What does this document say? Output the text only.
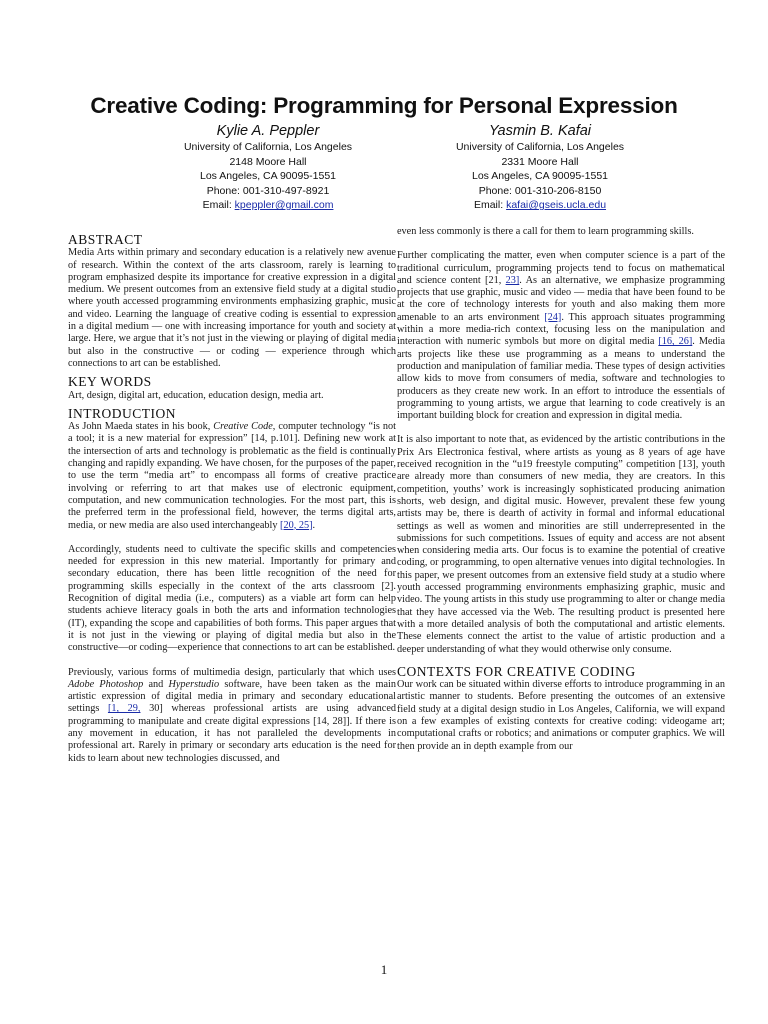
Creative Coding: Programming for Personal Expression
Kylie A. Peppler
University of California, Los Angeles
2148 Moore Hall
Los Angeles, CA 90095-1551
Phone: 001-310-497-8921
Email: kpeppler@gmail.com
Yasmin B. Kafai
University of California, Los Angeles
2331 Moore Hall
Los Angeles, CA 90095-1551
Phone: 001-310-206-8150
Email: kafai@gseis.ucla.edu
ABSTRACT

Media Arts within primary and secondary education is a relatively new avenue of research. Within the context of the arts classroom, rarely is learning to program emphasized despite its importance for creative expression in a digital medium. We present outcomes from an extensive field study at a digital studio where youth accessed programming environments emphasizing graphic, music and video. Learning the language of creative coding is essential to expression in a digital medium — one with increasing importance for youth and society at large. Here, we argue that it’s not just in the viewing or playing of digital media but also in the constructive — or coding — experience through which connections to art can be established.

KEY WORDS

Art, design, digital art, education, education design, media art.

INTRODUCTION

As John Maeda states in his book, Creative Code, computer technology “is not a tool; it is a new material for expression” [14, p.101]. Defining new work at the intersection of arts and technology is problematic as the field is continually changing and rapidly expanding. We have chosen, for the purposes of the paper, to use the term “media art” to encompass all forms of creative practice involving or referring to art that makes use of electronic equipment, computation, and new communication technologies. For the most part, this is the preferred term in the professional field, however, the terms digital arts, media, or new media are also used interchangeably [20, 25].

Accordingly, students need to cultivate the specific skills and competencies needed for expression in this new material. Importantly for primary and secondary education, there has been little recognition of the need for programming skills especially in the context of the arts classroom [2]. Recognition of digital media (i.e., computers) as a viable art form can help students achieve literacy goals in both the arts and information technologies (IT), expanding the scope and capabilities of both forms. This paper argues that it is not just in the viewing or playing of digital media but also in the constructive—or coding—experience that connections to art can be established.

Previously, various forms of multimedia design, particularly that which uses Adobe Photoshop and Hyperstudio software, have been taken as the main artistic expression of digital media in primary and secondary educational settings [1, 29, 30] whereas professional artists are using advanced programming to manipulate and create digital expressions [14, 28]]. If there is any movement in education, it has not paralleled the developments in professional art. Rarely in primary or secondary arts education is the need for kids to learn about new technologies discussed, and

even less commonly is there a call for them to learn programming skills.

Further complicating the matter, even when computer science is a part of the traditional curriculum, programming projects tend to focus on mathematical and science content [21, 23]. As an alternative, we emphasize programming projects that use graphic, music and video — media that have been found to be at the core of technology interests for youth and also making them more amenable to an arts environment [24]. This approach situates programming within a more media-rich context, focusing less on the manipulation and interaction with numeric symbols but more on digital media [16, 26]. Media arts projects like these use programming as a means to understand the production and manipulation of familiar media. These types of design activities allow kids to move from consumers of media, software and technologies to producers as they create new work. In an effort to introduce the essentials of programming to young artists, we argue that learning to code creatively is an important building block for creation and expression in digital media.

It is also important to note that, as evidenced by the artistic contributions in the Prix Ars Electronica festival, where artists as young as 8 years of age have received recognition in the “u19 freestyle computing” competition [13], youth are already more than consumers of new media, they are creators. In this competition, youths’ work is increasingly sophisticated producing animation shorts, web design, and digital music. However, prevalent these few young artists may be, there is dearth of activity in formal and informal educational settings as well as women and minorities are still underrepresented in the submissions for such competitions. Issues of equity and access are not absent when considering media arts. Our focus is to examine the potential of creative coding, or programming, to open alternative venues into digital technologies. In this paper, we present outcomes from an extensive field study at a studio where youth accessed programming environments emphasizing graphic, music and video. The young artists in this study use programming to alter or change media that they have accessed via the Web. The resulting product is presented here with a more detailed analysis of both the computational and artistic elements. These elements connect the artist to the value of artistic production and a deeper understanding of what they would otherwise only consume.

CONTEXTS FOR CREATIVE CODING

Our work can be situated within diverse efforts to introduce programming in an artistic manner to students. Before presenting the outcomes of an extensive field study at a digital design studio in Los Angeles, California, we will expand on a few examples of existing contexts for creative coding: videogame art; computational crafts or robotics; and animations or computer graphics. We will then provide an in depth example from our

1
